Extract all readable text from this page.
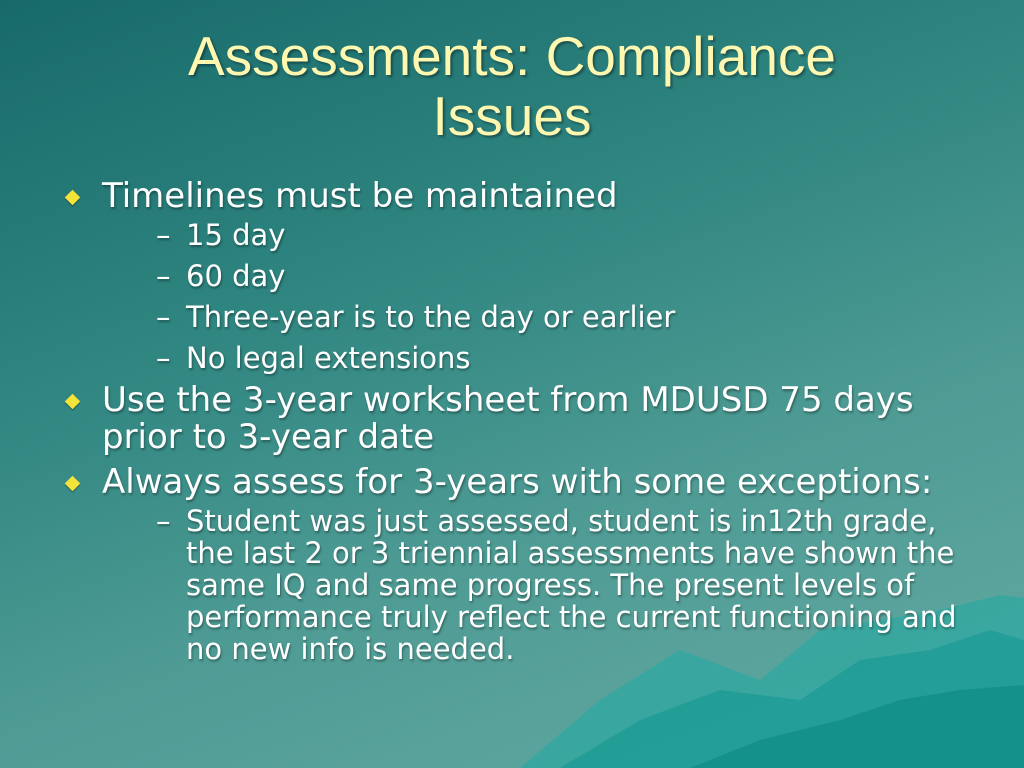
Assessments: Compliance
Issues
Timelines must be maintained
– 15 day
– 60 day
– Three-year is to the day or earlier
– No legal extensions
Use the 3-year worksheet from MDUSD 75 days prior to 3-year date
Always assess for 3-years with some exceptions:
– Student was just assessed, student is in12th grade, the last 2 or 3 triennial assessments have shown the same IQ and same progress. The present levels of performance truly reflect the current functioning and no new info is needed.
